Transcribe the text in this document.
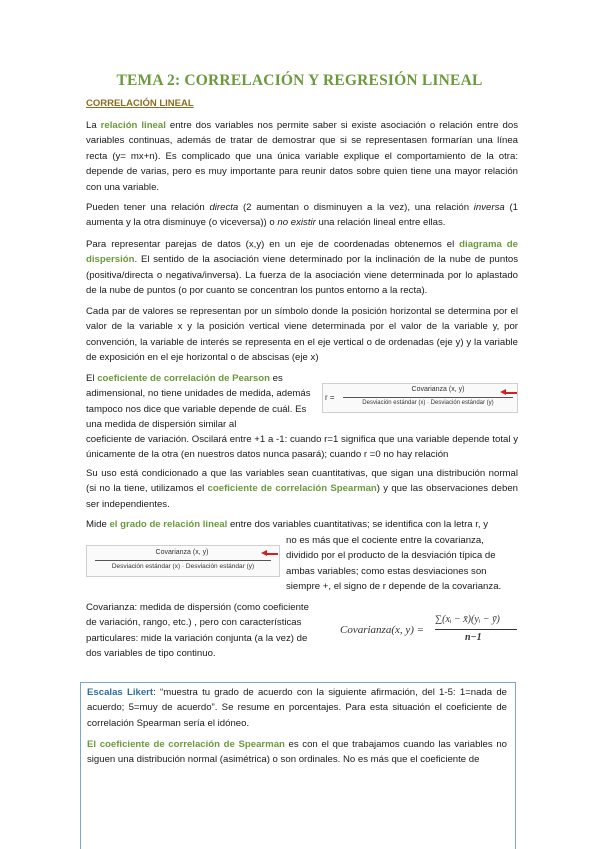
TEMA 2: CORRELACIÓN Y REGRESIÓN LINEAL
CORRELACIÓN LINEAL

La relación lineal entre dos variables nos permite saber si existe asociación o relación entre dos variables continuas, además de tratar de demostrar que si se representasen formarían una línea recta (y= mx+n). Es complicado que una única variable explique el comportamiento de la otra: depende de varias, pero es muy importante para reunir datos sobre quien tiene una mayor relación con una variable.

Pueden tener una relación directa (2 aumentan o disminuyen a la vez), una relación inversa (1 aumenta y la otra disminuye (o viceversa)) o no existir una relación lineal entre ellas.

Para representar parejas de datos (x,y) en un eje de coordenadas obtenemos el diagrama de dispersión. El sentido de la asociación viene determinado por la inclinación de la nube de puntos (positiva/directa o negativa/inversa). La fuerza de la asociación viene determinada por lo aplastado de la nube de puntos (o por cuanto se concentran los puntos entorno a la recta).

Cada par de valores se representan por un símbolo donde la posición horizontal se determina por el valor de la variable x y la posición vertical viene determinada por el valor de la variable y, por convención, la variable de interés se representa en el eje vertical o de ordenadas (eje y) y la variable de exposición en el eje horizontal o de abscisas (eje x)

El coeficiente de correlación de Pearson es adimensional, no tiene unidades de medida, además tampoco nos dice que variable depende de cuál. Es una medida de dispersión similar al

coeficiente de variación. Oscilará entre +1 a -1: cuando r=1 significa que una variable depende total y únicamente de la otra (en nuestros datos nunca pasará); cuando r =0 no hay relación

r =
Covarianza (x, y)
Desviación estándar (x) · Desviación estándar (y)

Su uso está condicionado a que las variables sean cuantitativas, que sigan una distribución normal (si no la tiene, utilizamos el coeficiente de correlación Spearman) y que las observaciones deben ser independientes.

Mide el grado de relación lineal entre dos variables cuantitativas; se identifica con la letra r, y

no es más que el cociente entre la covarianza, dividido por el producto de la desviación típica de ambas variables; como estas desviaciones son siempre +, el signo de r depende de la covarianza.

Covarianza (x, y)
Desviación estándar (x) · Desviación estándar (y)

Covarianza: medida de dispersión (como coeficiente de variación, rango, etc.) , pero con características particulares: mide la variación conjunta (a la vez) de dos variables de tipo continuo.

Covarianza(x, y) =
∑(xᵢ − x̄)(yᵢ − ȳ)
n−1

Escalas Likert: “muestra tu grado de acuerdo con la siguiente afirmación, del 1-5: 1=nada de acuerdo; 5=muy de acuerdo”. Se resume en porcentajes. Para esta situación el coeficiente de correlación Spearman sería el idóneo.

El coeficiente de correlación de Spearman es con el que trabajamos cuando las variables no siguen una distribución normal (asimétrica) o son ordinales. No es más que el coeficiente de
